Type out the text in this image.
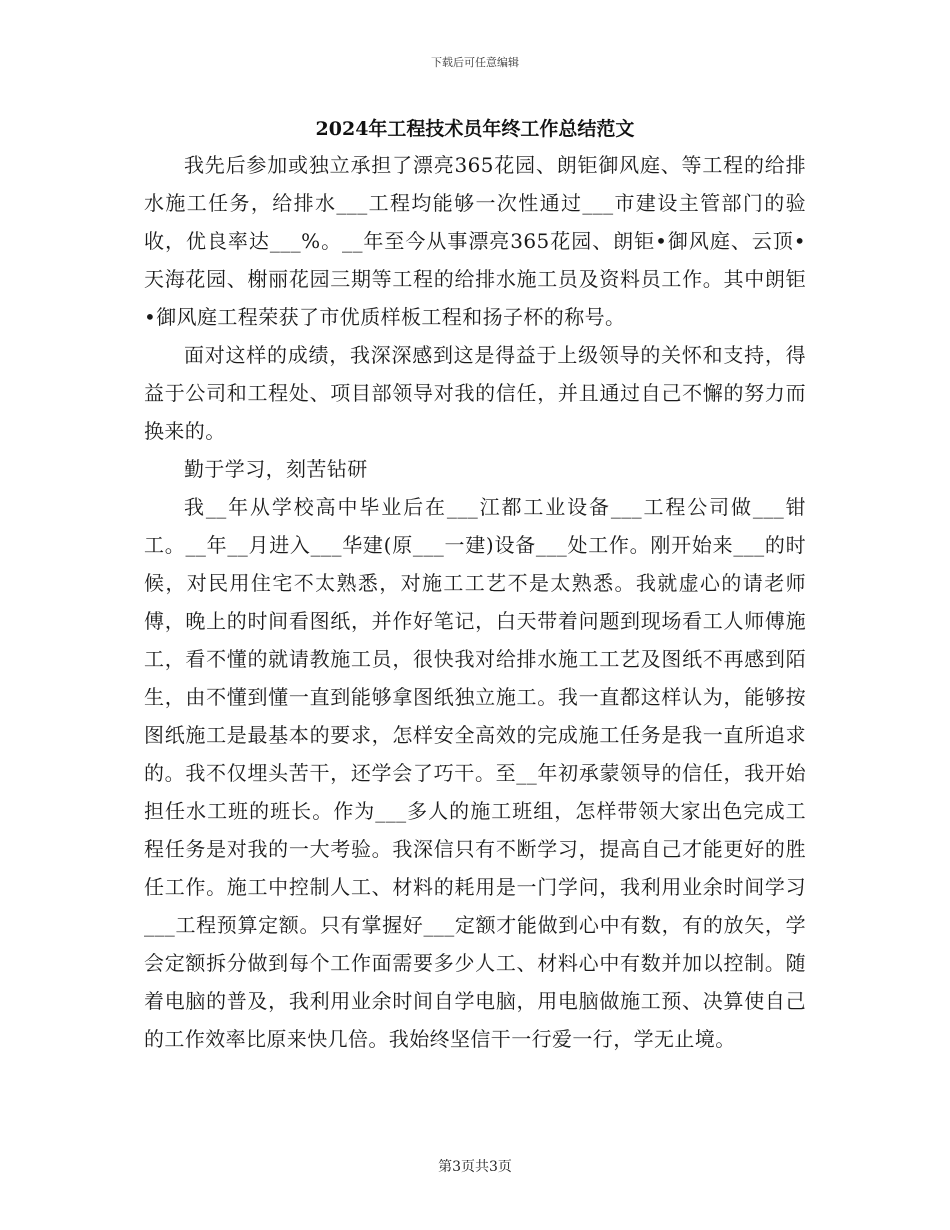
下载后可任意编辑
2024年工程技术员年终工作总结范文

我先后参加或独立承担了漂亮365花园、朗钜御风庭、等工程的给排水施工任务，给排水___工程均能够一次性通过___市建设主管部门的验收，优良率达___%。__年至今从事漂亮365花园、朗钜•御风庭、云顶•天海花园、榭丽花园三期等工程的给排水施工员及资料员工作。其中朗钜•御风庭工程荣获了市优质样板工程和扬子杯的称号。

面对这样的成绩，我深深感到这是得益于上级领导的关怀和支持，得益于公司和工程处、项目部领导对我的信任，并且通过自己不懈的努力而换来的。

勤于学习，刻苦钻研

我__年从学校高中毕业后在___江都工业设备___工程公司做___钳工。__年__月进入___华建(原___一建)设备___处工作。刚开始来___的时候，对民用住宅不太熟悉，对施工工艺不是太熟悉。我就虚心的请老师傅，晚上的时间看图纸，并作好笔记，白天带着问题到现场看工人师傅施工，看不懂的就请教施工员，很快我对给排水施工工艺及图纸不再感到陌生，由不懂到懂一直到能够拿图纸独立施工。我一直都这样认为，能够按图纸施工是最基本的要求，怎样安全高效的完成施工任务是我一直所追求的。我不仅埋头苦干，还学会了巧干。至__年初承蒙领导的信任，我开始担任水工班的班长。作为___多人的施工班组，怎样带领大家出色完成工程任务是对我的一大考验。我深信只有不断学习，提高自己才能更好的胜任工作。施工中控制人工、材料的耗用是一门学问，我利用业余时间学习___工程预算定额。只有掌握好___定额才能做到心中有数，有的放矢，学会定额拆分做到每个工作面需要多少人工、材料心中有数并加以控制。随着电脑的普及，我利用业余时间自学电脑，用电脑做施工预、决算使自己的工作效率比原来快几倍。我始终坚信干一行爱一行，学无止境。

第3页共3页
